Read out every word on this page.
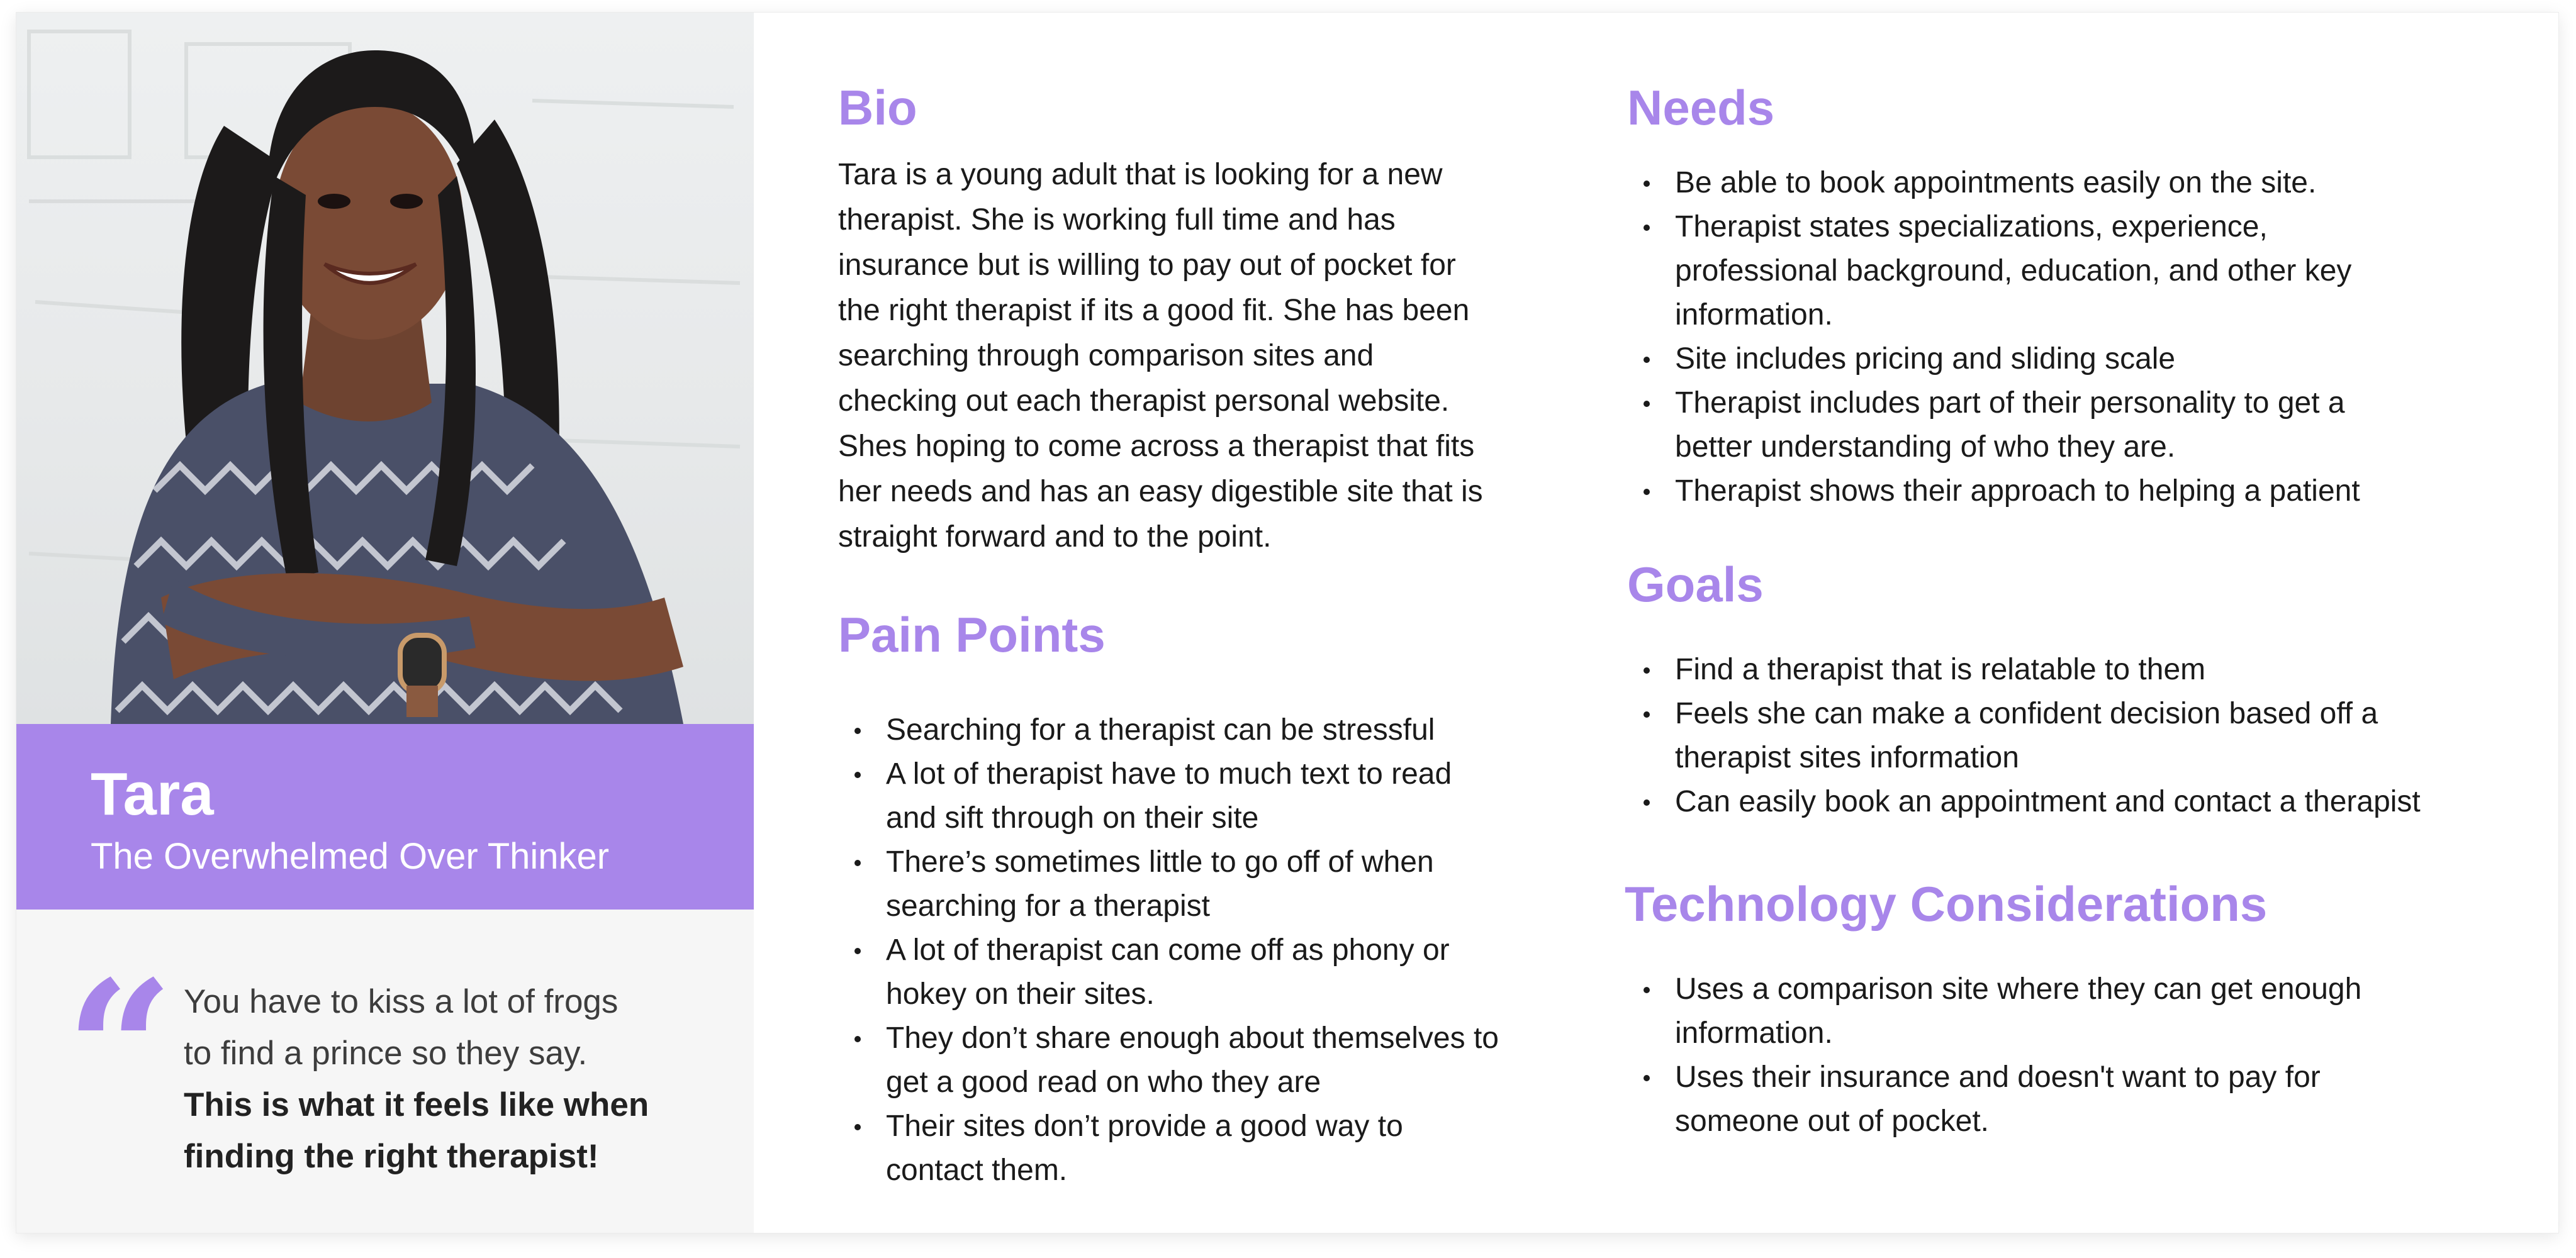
Tara
The Overwhelmed Over Thinker
“ You have to kiss a lot of frogs
to find a prince so they say.
This is what it feels like when
finding the right therapist!
Bio
Tara is a young adult that is looking for a new
therapist. She is working full time and has
insurance but is willing to pay out of pocket for
the right therapist if its a good fit. She has been
searching through comparison sites and
checking out each therapist personal website.
Shes hoping to come across a therapist that fits
her needs and has an easy digestible site that is
straight forward and to the point.
Pain Points
Searching for a therapist can be stressful
A lot of therapist have to much text to read
and sift through on their site
There’s sometimes little to go off of when
searching for a therapist
A lot of therapist can come off as phony or
hokey on their sites.
They don’t share enough about themselves to
get a good read on who they are
Their sites don’t provide a good way to
contact them.
Needs
Be able to book appointments easily on the site.
Therapist states specializations, experience,
professional background, education, and other key
information.
Site includes pricing and sliding scale
Therapist includes part of their personality to get a
better understanding of who they are.
Therapist shows their approach to helping a patient
Goals
Find a therapist that is relatable to them
Feels she can make a confident decision based off a
therapist sites information
Can easily book an appointment and contact a therapist
Technology Considerations
Uses a comparison site where they can get enough
information.
Uses their insurance and doesn't want to pay for
someone out of pocket.
